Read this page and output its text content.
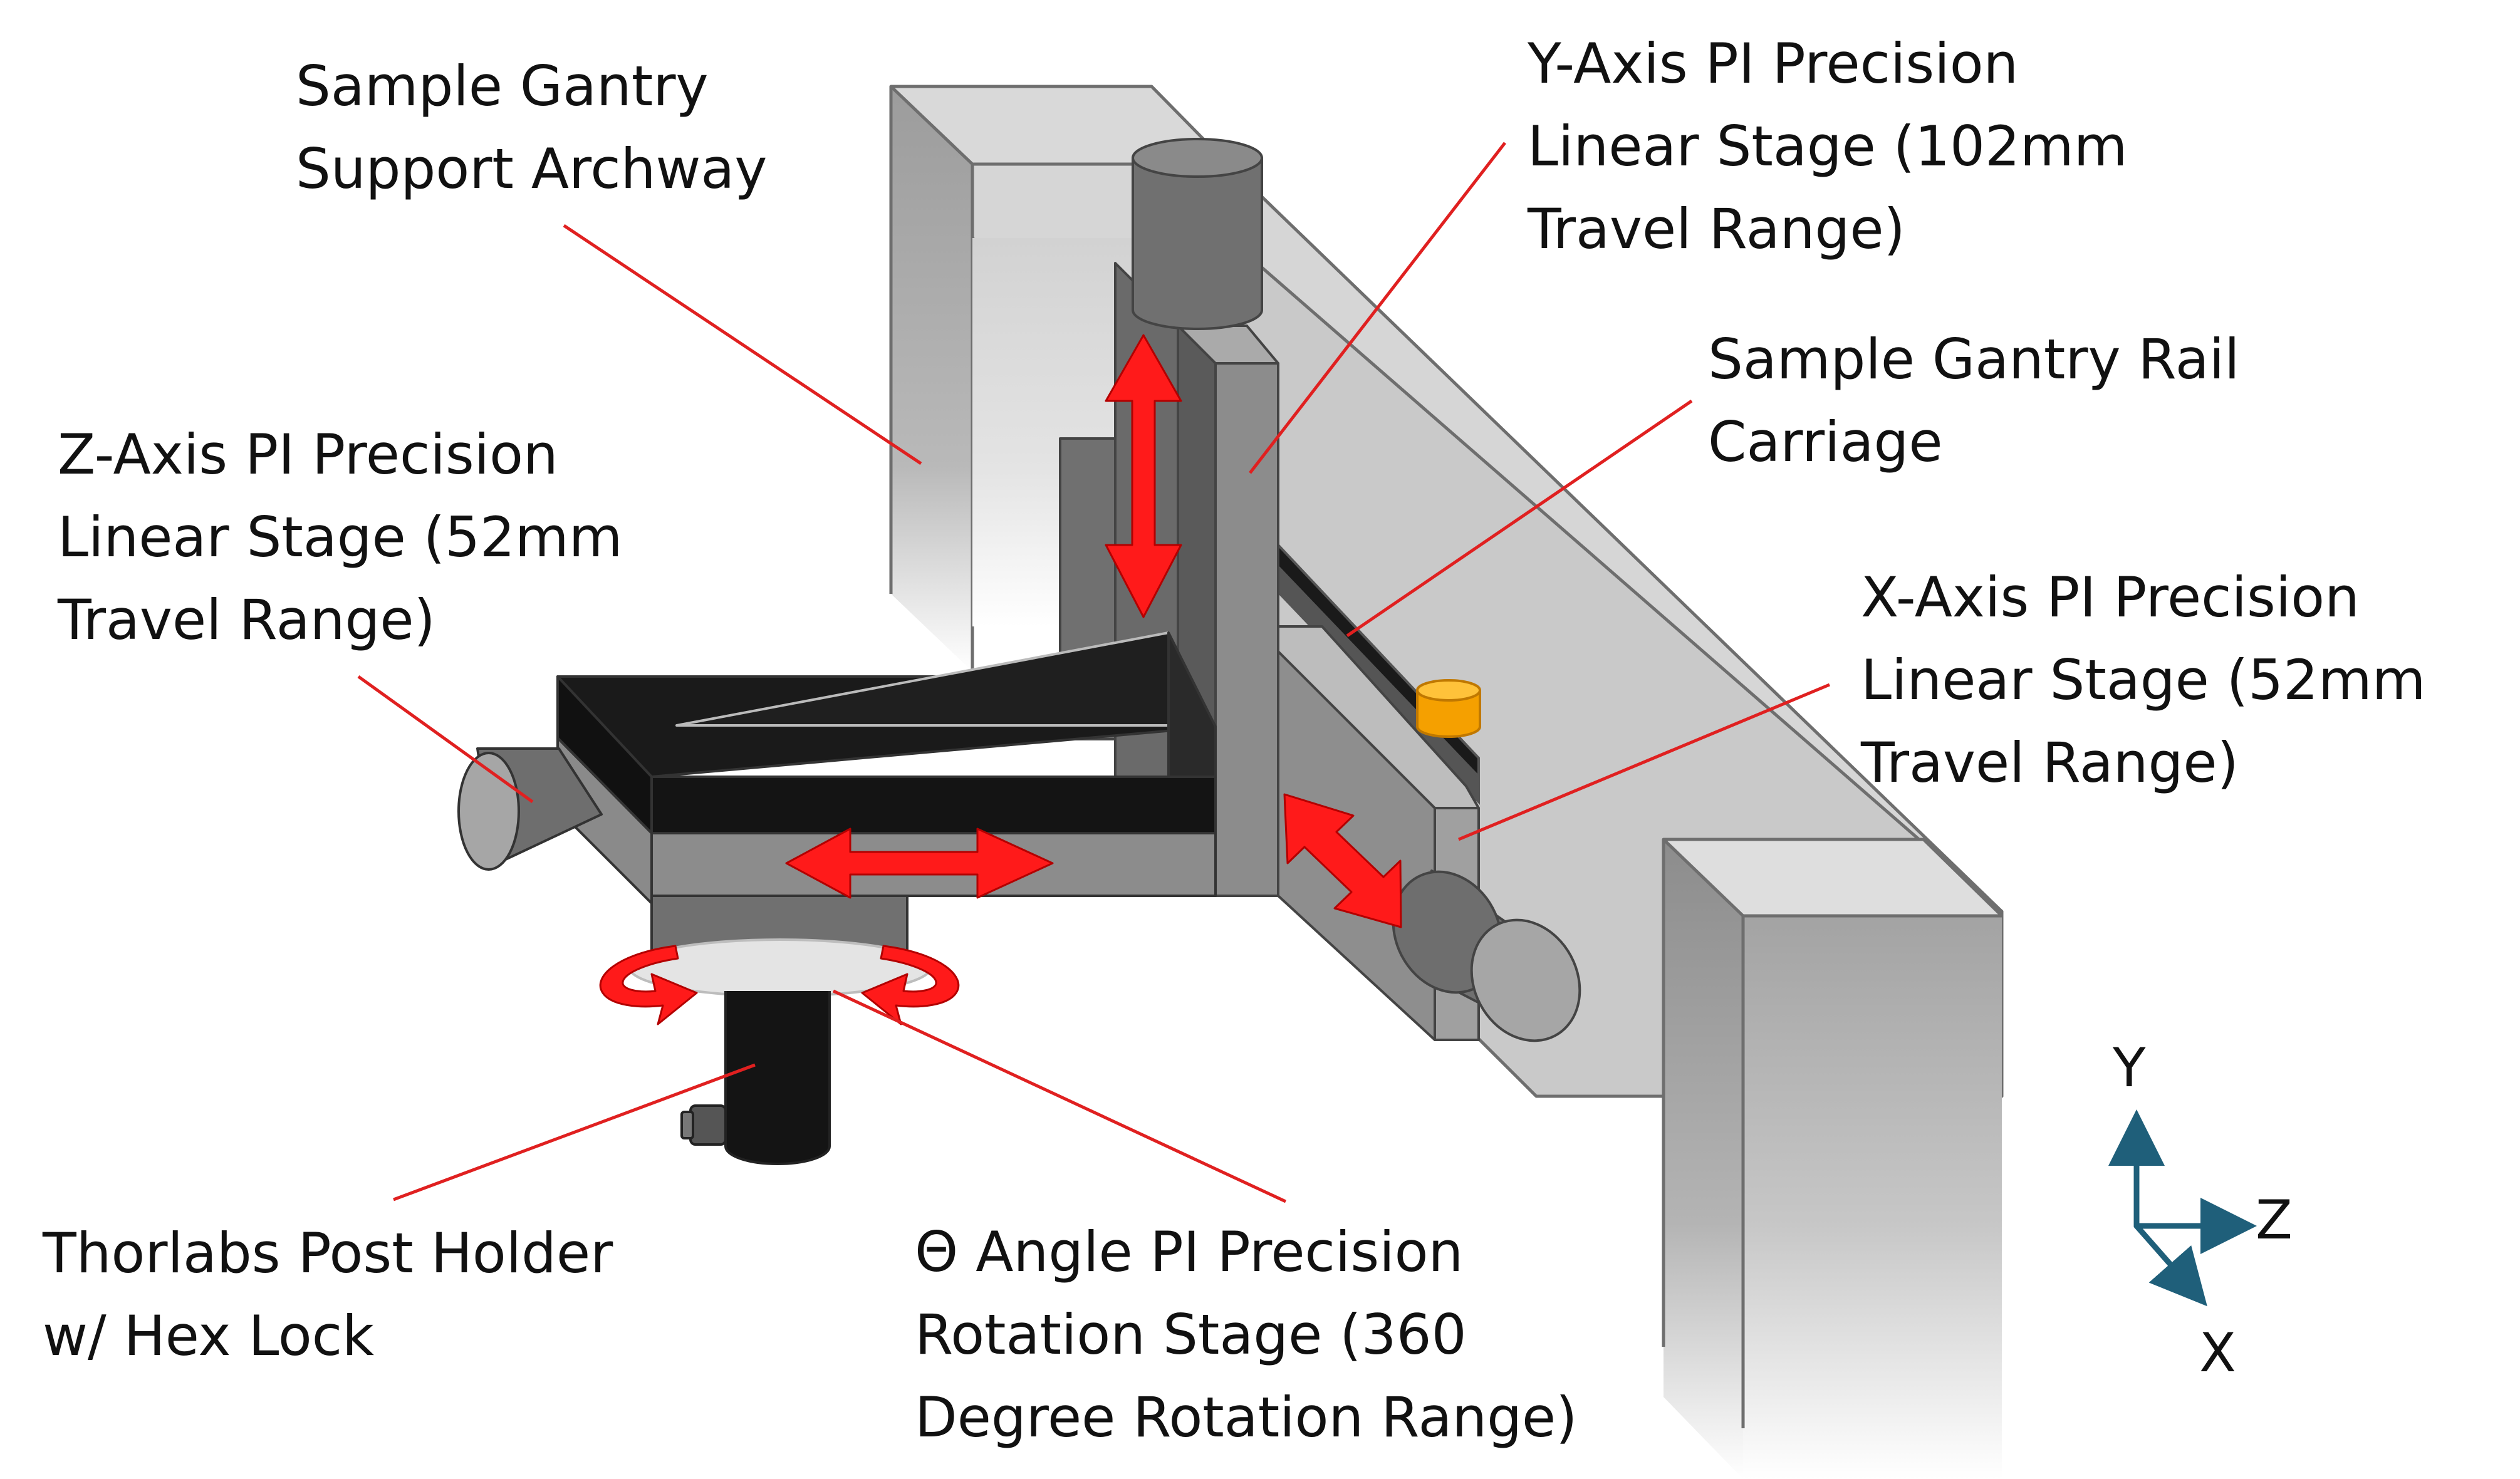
Sample Gantry
Support Archway
Z-Axis PI Precision
Linear Stage (52mm
Travel Range)
Y-Axis PI Precision
Linear Stage (102mm
Travel Range)
Sample Gantry Rail
Carriage
X-Axis PI Precision
Linear Stage (52mm
Travel Range)
Thorlabs Post Holder
w/ Hex Lock
Θ Angle PI Precision
Rotation Stage (360
Degree Rotation Range)
Y
Z
X
